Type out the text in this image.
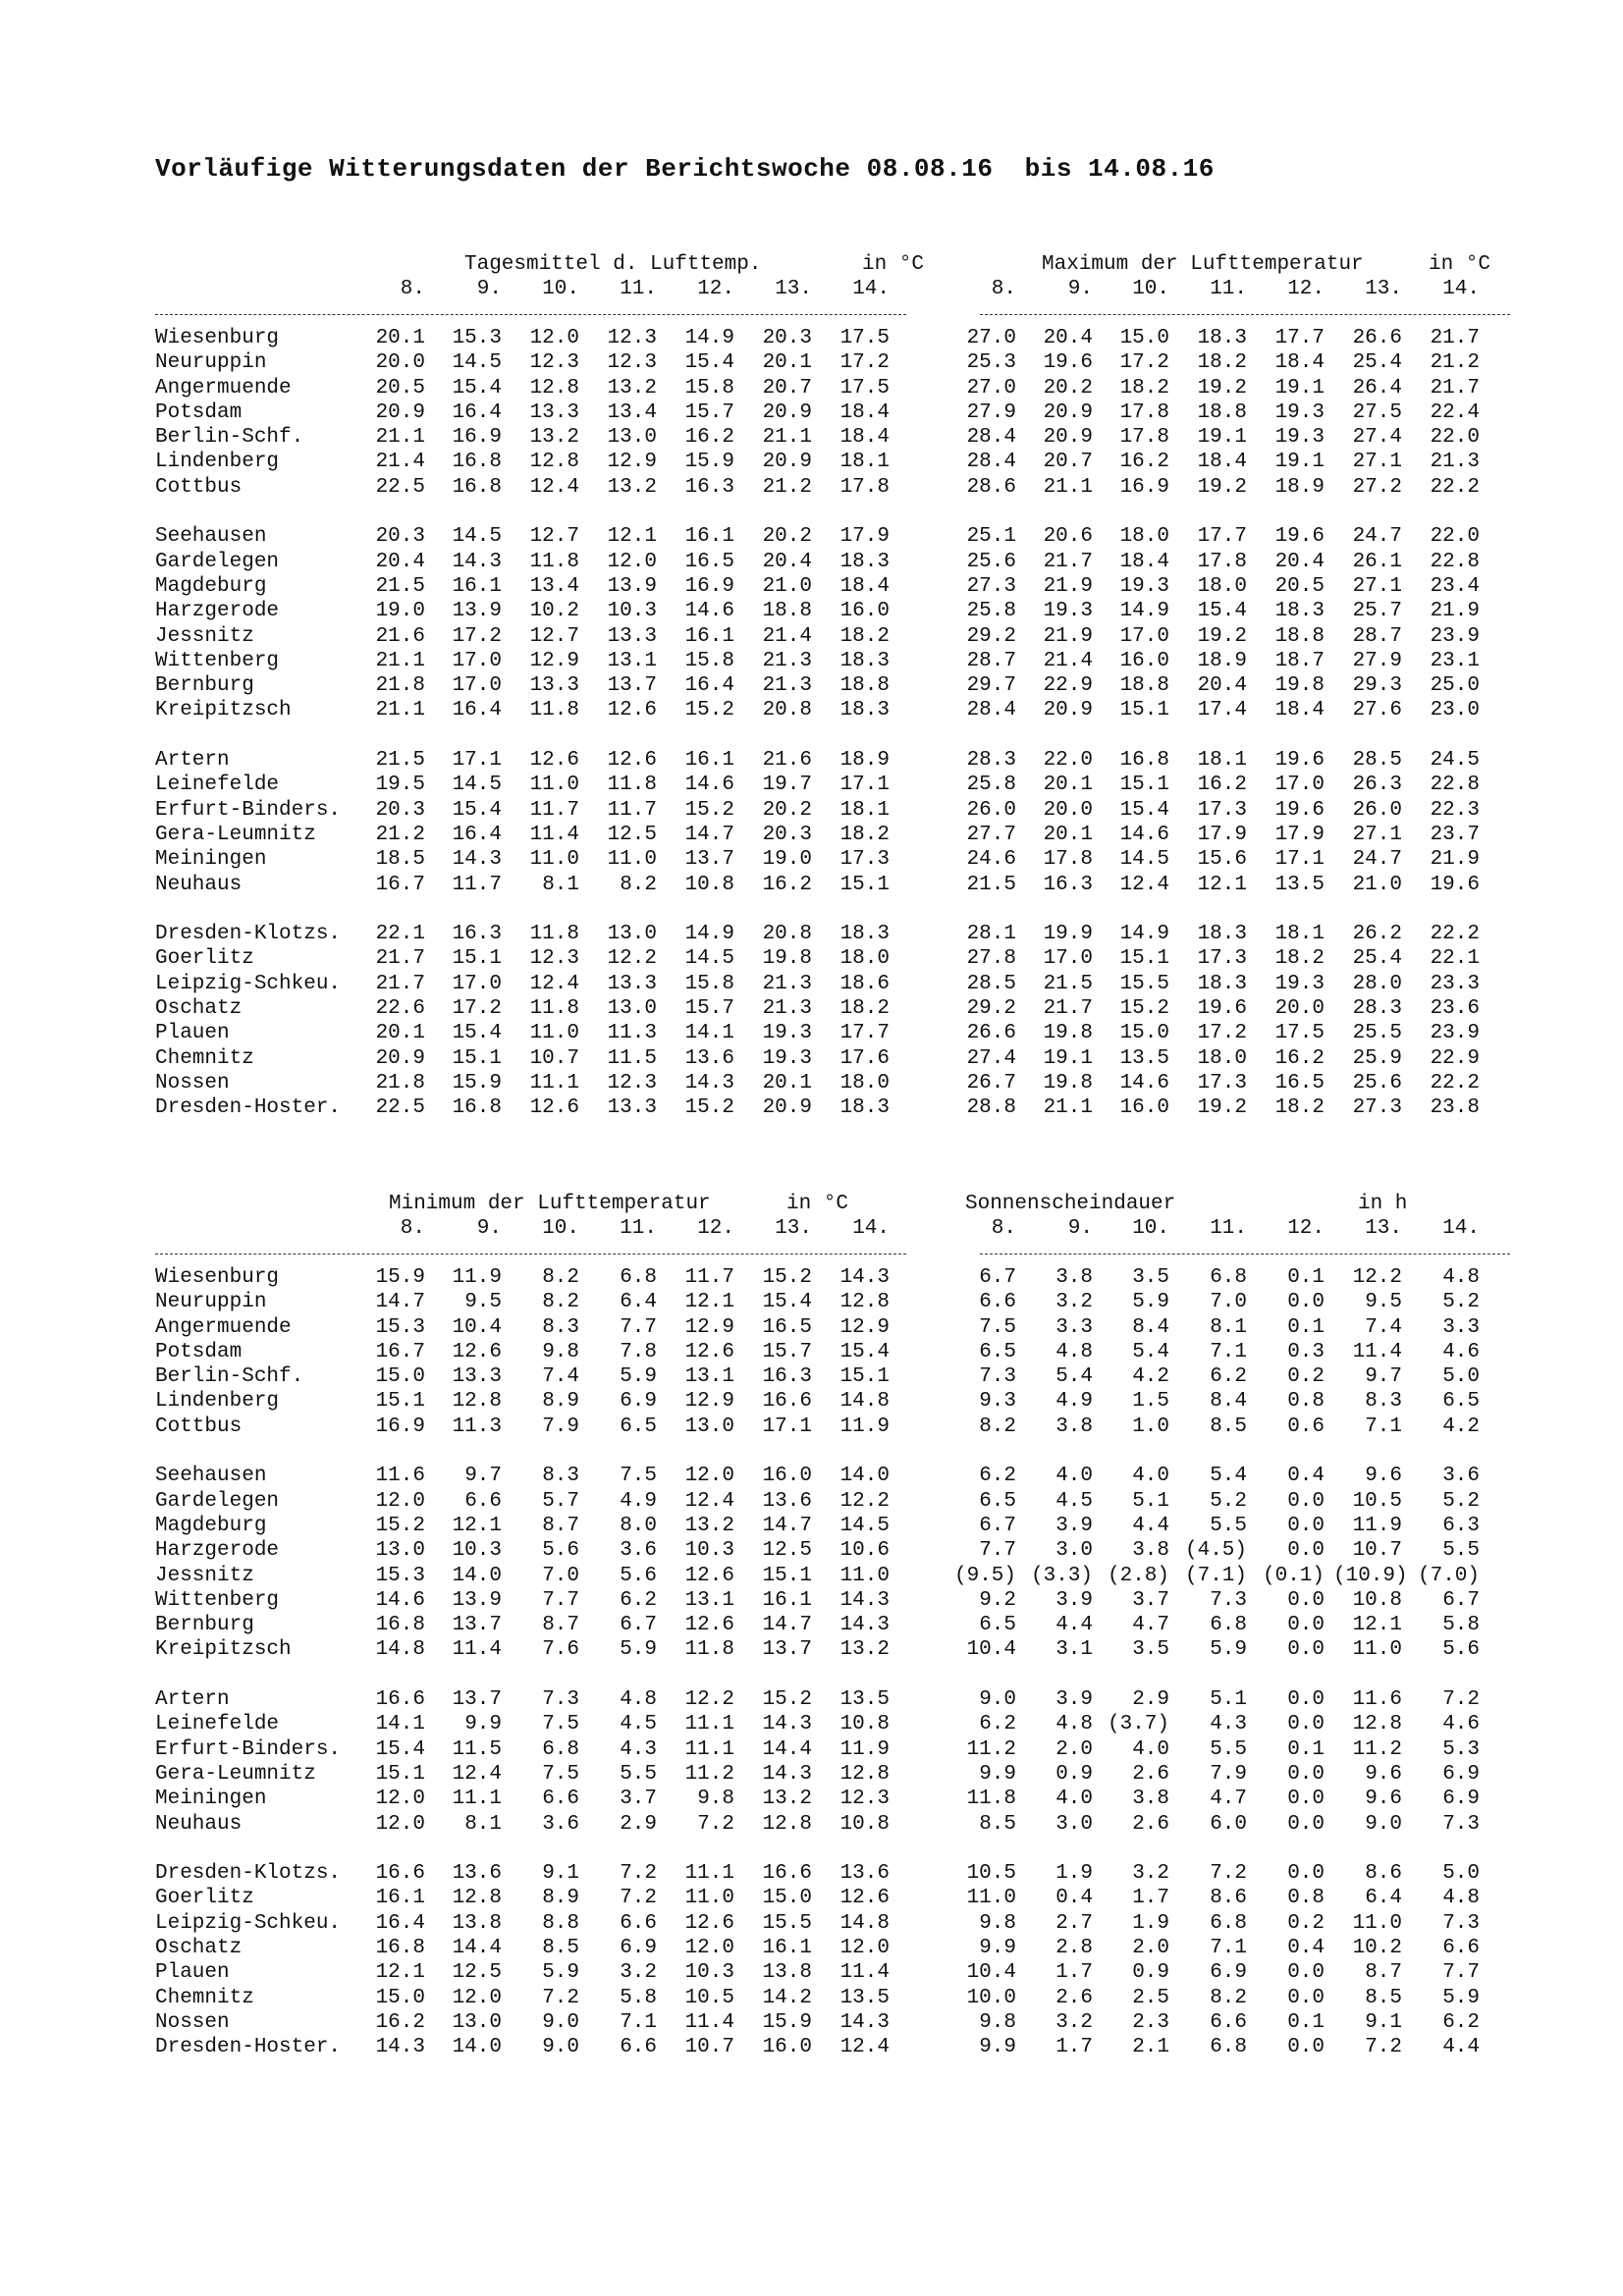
Vorläufige Witterungsdaten der Berichtswoche 08.08.16  bis 14.08.16
Tagesmittel d. Lufttemp.	in °C	Maximum der Lufttemperatur	in °C
8.	9.	10.	11.	12.	13.	14.	8.	9.	10.	11.	12.	13.	14.
Wiesenburg	20.1	15.3	12.0	12.3	14.9	20.3	17.5	27.0	20.4	15.0	18.3	17.7	26.6	21.7
Neuruppin	20.0	14.5	12.3	12.3	15.4	20.1	17.2	25.3	19.6	17.2	18.2	18.4	25.4	21.2
Angermuende	20.5	15.4	12.8	13.2	15.8	20.7	17.5	27.0	20.2	18.2	19.2	19.1	26.4	21.7
Potsdam	20.9	16.4	13.3	13.4	15.7	20.9	18.4	27.9	20.9	17.8	18.8	19.3	27.5	22.4
Berlin-Schf.	21.1	16.9	13.2	13.0	16.2	21.1	18.4	28.4	20.9	17.8	19.1	19.3	27.4	22.0
Lindenberg	21.4	16.8	12.8	12.9	15.9	20.9	18.1	28.4	20.7	16.2	18.4	19.1	27.1	21.3
Cottbus	22.5	16.8	12.4	13.2	16.3	21.2	17.8	28.6	21.1	16.9	19.2	18.9	27.2	22.2
Seehausen	20.3	14.5	12.7	12.1	16.1	20.2	17.9	25.1	20.6	18.0	17.7	19.6	24.7	22.0
Gardelegen	20.4	14.3	11.8	12.0	16.5	20.4	18.3	25.6	21.7	18.4	17.8	20.4	26.1	22.8
Magdeburg	21.5	16.1	13.4	13.9	16.9	21.0	18.4	27.3	21.9	19.3	18.0	20.5	27.1	23.4
Harzgerode	19.0	13.9	10.2	10.3	14.6	18.8	16.0	25.8	19.3	14.9	15.4	18.3	25.7	21.9
Jessnitz	21.6	17.2	12.7	13.3	16.1	21.4	18.2	29.2	21.9	17.0	19.2	18.8	28.7	23.9
Wittenberg	21.1	17.0	12.9	13.1	15.8	21.3	18.3	28.7	21.4	16.0	18.9	18.7	27.9	23.1
Bernburg	21.8	17.0	13.3	13.7	16.4	21.3	18.8	29.7	22.9	18.8	20.4	19.8	29.3	25.0
Kreipitzsch	21.1	16.4	11.8	12.6	15.2	20.8	18.3	28.4	20.9	15.1	17.4	18.4	27.6	23.0
Artern	21.5	17.1	12.6	12.6	16.1	21.6	18.9	28.3	22.0	16.8	18.1	19.6	28.5	24.5
Leinefelde	19.5	14.5	11.0	11.8	14.6	19.7	17.1	25.8	20.1	15.1	16.2	17.0	26.3	22.8
Erfurt-Binders.	20.3	15.4	11.7	11.7	15.2	20.2	18.1	26.0	20.0	15.4	17.3	19.6	26.0	22.3
Gera-Leumnitz	21.2	16.4	11.4	12.5	14.7	20.3	18.2	27.7	20.1	14.6	17.9	17.9	27.1	23.7
Meiningen	18.5	14.3	11.0	11.0	13.7	19.0	17.3	24.6	17.8	14.5	15.6	17.1	24.7	21.9
Neuhaus	16.7	11.7	8.1	8.2	10.8	16.2	15.1	21.5	16.3	12.4	12.1	13.5	21.0	19.6
Dresden-Klotzs.	22.1	16.3	11.8	13.0	14.9	20.8	18.3	28.1	19.9	14.9	18.3	18.1	26.2	22.2
Goerlitz	21.7	15.1	12.3	12.2	14.5	19.8	18.0	27.8	17.0	15.1	17.3	18.2	25.4	22.1
Leipzig-Schkeu.	21.7	17.0	12.4	13.3	15.8	21.3	18.6	28.5	21.5	15.5	18.3	19.3	28.0	23.3
Oschatz	22.6	17.2	11.8	13.0	15.7	21.3	18.2	29.2	21.7	15.2	19.6	20.0	28.3	23.6
Plauen	20.1	15.4	11.0	11.3	14.1	19.3	17.7	26.6	19.8	15.0	17.2	17.5	25.5	23.9
Chemnitz	20.9	15.1	10.7	11.5	13.6	19.3	17.6	27.4	19.1	13.5	18.0	16.2	25.9	22.9
Nossen	21.8	15.9	11.1	12.3	14.3	20.1	18.0	26.7	19.8	14.6	17.3	16.5	25.6	22.2
Dresden-Hoster.	22.5	16.8	12.6	13.3	15.2	20.9	18.3	28.8	21.1	16.0	19.2	18.2	27.3	23.8
Minimum der Lufttemperatur	in °C	Sonnenscheindauer	in h
8.	9.	10.	11.	12.	13.	14.	8.	9.	10.	11.	12.	13.	14.
Wiesenburg	15.9	11.9	8.2	6.8	11.7	15.2	14.3	6.7	3.8	3.5	6.8	0.1	12.2	4.8
Neuruppin	14.7	9.5	8.2	6.4	12.1	15.4	12.8	6.6	3.2	5.9	7.0	0.0	9.5	5.2
Angermuende	15.3	10.4	8.3	7.7	12.9	16.5	12.9	7.5	3.3	8.4	8.1	0.1	7.4	3.3
Potsdam	16.7	12.6	9.8	7.8	12.6	15.7	15.4	6.5	4.8	5.4	7.1	0.3	11.4	4.6
Berlin-Schf.	15.0	13.3	7.4	5.9	13.1	16.3	15.1	7.3	5.4	4.2	6.2	0.2	9.7	5.0
Lindenberg	15.1	12.8	8.9	6.9	12.9	16.6	14.8	9.3	4.9	1.5	8.4	0.8	8.3	6.5
Cottbus	16.9	11.3	7.9	6.5	13.0	17.1	11.9	8.2	3.8	1.0	8.5	0.6	7.1	4.2
Seehausen	11.6	9.7	8.3	7.5	12.0	16.0	14.0	6.2	4.0	4.0	5.4	0.4	9.6	3.6
Gardelegen	12.0	6.6	5.7	4.9	12.4	13.6	12.2	6.5	4.5	5.1	5.2	0.0	10.5	5.2
Magdeburg	15.2	12.1	8.7	8.0	13.2	14.7	14.5	6.7	3.9	4.4	5.5	0.0	11.9	6.3
Harzgerode	13.0	10.3	5.6	3.6	10.3	12.5	10.6	7.7	3.0	3.8 (4.5)	0.0	10.7	5.5
Jessnitz	15.3	14.0	7.0	5.6	12.6	15.1	11.0	(9.5) (3.3) (2.8) (7.1) (0.1) (10.9) (7.0)
Wittenberg	14.6	13.9	7.7	6.2	13.1	16.1	14.3	9.2	3.9	3.7	7.3	0.0	10.8	6.7
Bernburg	16.8	13.7	8.7	6.7	12.6	14.7	14.3	6.5	4.4	4.7	6.8	0.0	12.1	5.8
Kreipitzsch	14.8	11.4	7.6	5.9	11.8	13.7	13.2	10.4	3.1	3.5	5.9	0.0	11.0	5.6
Artern	16.6	13.7	7.3	4.8	12.2	15.2	13.5	9.0	3.9	2.9	5.1	0.0	11.6	7.2
Leinefelde	14.1	9.9	7.5	4.5	11.1	14.3	10.8	6.2	4.8 (3.7)	4.3	0.0	12.8	4.6
Erfurt-Binders.	15.4	11.5	6.8	4.3	11.1	14.4	11.9	11.2	2.0	4.0	5.5	0.1	11.2	5.3
Gera-Leumnitz	15.1	12.4	7.5	5.5	11.2	14.3	12.8	9.9	0.9	2.6	7.9	0.0	9.6	6.9
Meiningen	12.0	11.1	6.6	3.7	9.8	13.2	12.3	11.8	4.0	3.8	4.7	0.0	9.6	6.9
Neuhaus	12.0	8.1	3.6	2.9	7.2	12.8	10.8	8.5	3.0	2.6	6.0	0.0	9.0	7.3
Dresden-Klotzs.	16.6	13.6	9.1	7.2	11.1	16.6	13.6	10.5	1.9	3.2	7.2	0.0	8.6	5.0
Goerlitz	16.1	12.8	8.9	7.2	11.0	15.0	12.6	11.0	0.4	1.7	8.6	0.8	6.4	4.8
Leipzig-Schkeu.	16.4	13.8	8.8	6.6	12.6	15.5	14.8	9.8	2.7	1.9	6.8	0.2	11.0	7.3
Oschatz	16.8	14.4	8.5	6.9	12.0	16.1	12.0	9.9	2.8	2.0	7.1	0.4	10.2	6.6
Plauen	12.1	12.5	5.9	3.2	10.3	13.8	11.4	10.4	1.7	0.9	6.9	0.0	8.7	7.7
Chemnitz	15.0	12.0	7.2	5.8	10.5	14.2	13.5	10.0	2.6	2.5	8.2	0.0	8.5	5.9
Nossen	16.2	13.0	9.0	7.1	11.4	15.9	14.3	9.8	3.2	2.3	6.6	0.1	9.1	6.2
Dresden-Hoster.	14.3	14.0	9.0	6.6	10.7	16.0	12.4	9.9	1.7	2.1	6.8	0.0	7.2	4.4
